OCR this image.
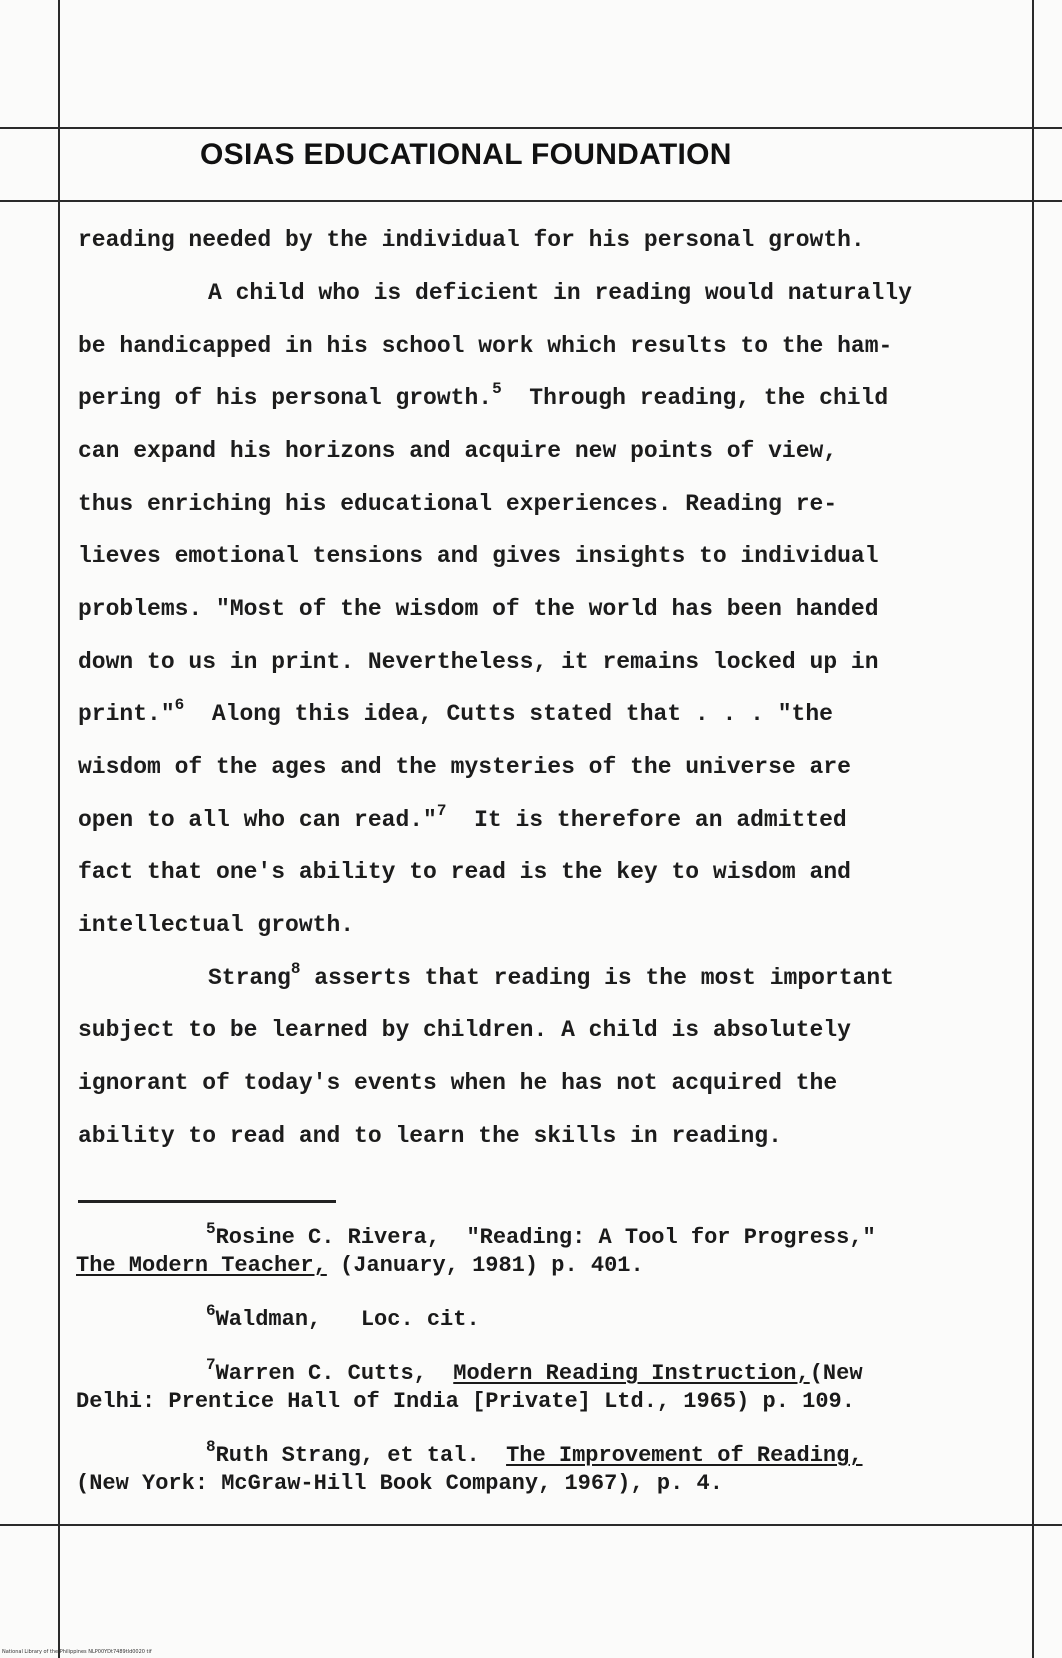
OSIAS EDUCATIONAL FOUNDATION
reading needed by the individual for his personal growth.
A child who is deficient in reading would naturally
be handicapped in his school work which results to the ham-
pering of his personal growth.$^5$ Through reading, the child
can expand his horizons and acquire new points of view,
thus enriching his educational experiences. Reading re-
lieves emotional tensions and gives insights to individual
problems. "Most of the wisdom of the world has been handed
down to us in print. Nevertheless, it remains locked up in
print."$^6$ Along this idea, Cutts stated that . . . "the
wisdom of the ages and the mysteries of the universe are
open to all who can read."$^7$ It is therefore an admitted
fact that one's ability to read is the key to wisdom and
intellectual growth.
Strang$^8$ asserts that reading is the most important
subject to be learned by children. A child is absolutely
ignorant of today's events when he has not acquired the
ability to read and to learn the skills in reading.
$^5$Rosine C. Rivera,  "Reading: A Tool for Progress,"
The Modern Teacher, (January, 1981) p. 401.
$^6$Waldman,   Loc. cit.
$^7$Warren C. Cutts,  Modern Reading Instruction,(New
Delhi: Prentice Hall of India [Private] Ltd., 1965) p. 109.
$^8$Ruth Strang, et tal.  The Improvement of Reading,
(New York: McGraw-Hill Book Company, 1967), p. 4.
National Library of the Philippines NLP00YDt7489tld0020 tif
